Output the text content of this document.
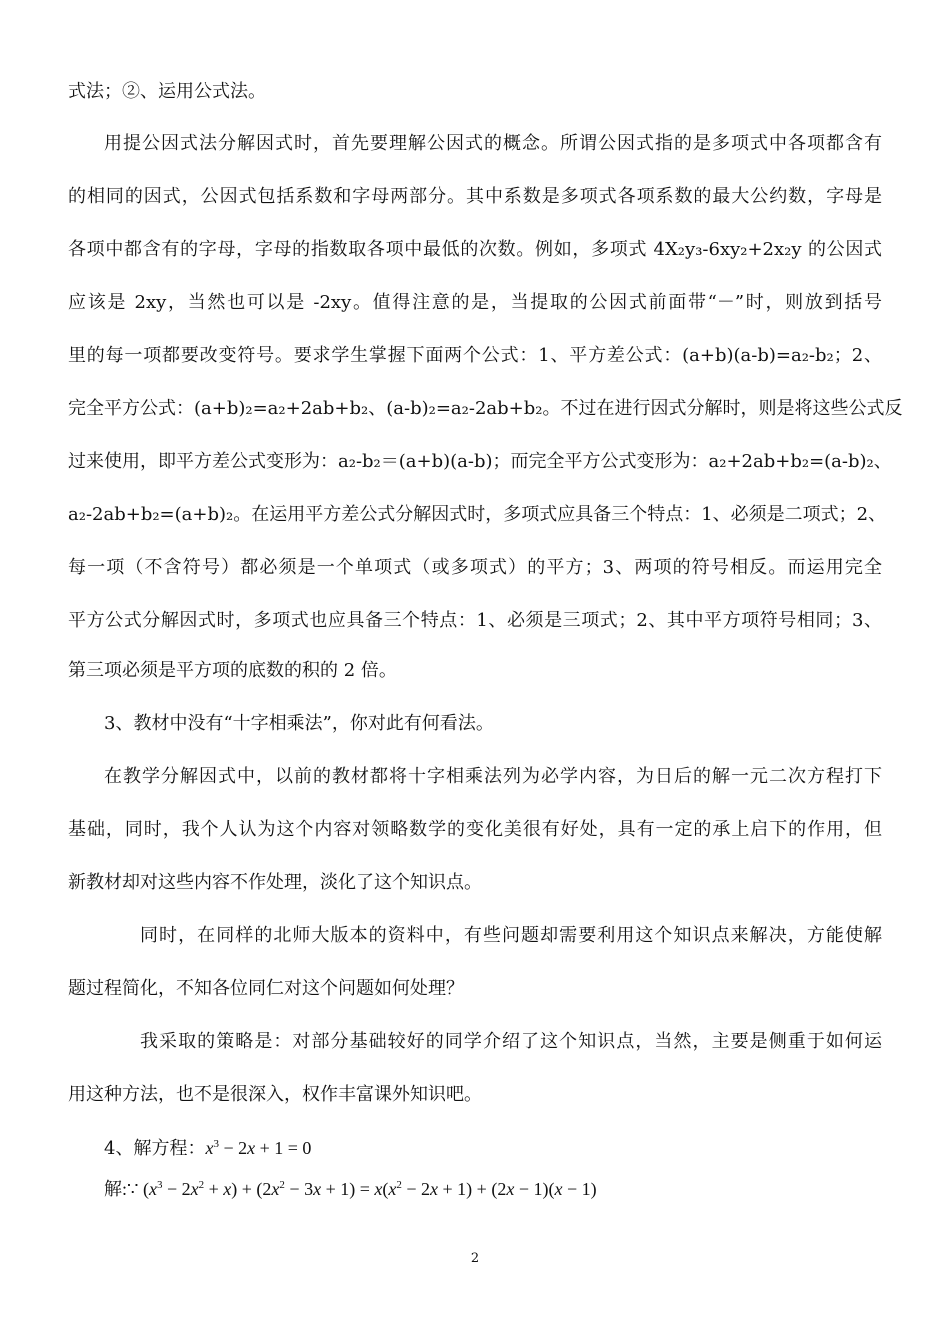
式法；②、运用公式法。
用提公因式法分解因式时，首先要理解公因式的概念。所谓公因式指的是多项式中各项都含有
的相同的因式，公因式包括系数和字母两部分。其中系数是多项式各项系数的最大公约数，字母是
各项中都含有的字母，字母的指数取各项中最低的次数。例如，多项式 4X₂y₃-6xy₂+2x₂y 的公因式
应该是 2xy，当然也可以是 -2xy。值得注意的是，当提取的公因式前面带“－”时，则放到括号
里的每一项都要改变符号。要求学生掌握下面两个公式：1、平方差公式：(a+b)(a-b)=a₂-b₂；2、
完全平方公式：(a+b)₂=a₂+2ab+b₂、(a-b)₂=a₂-2ab+b₂。不过在进行因式分解时，则是将这些公式反
过来使用，即平方差公式变形为：a₂-b₂＝(a+b)(a-b)；而完全平方公式变形为：a₂+2ab+b₂=(a-b)₂、
a₂-2ab+b₂=(a+b)₂。在运用平方差公式分解因式时，多项式应具备三个特点：1、必须是二项式；2、
每一项（不含符号）都必须是一个单项式（或多项式）的平方；3、两项的符号相反。而运用完全
平方公式分解因式时，多项式也应具备三个特点：1、必须是三项式；2、其中平方项符号相同；3、
第三项必须是平方项的底数的积的 2 倍。
3、教材中没有“十字相乘法”，你对此有何看法。
在教学分解因式中，以前的教材都将十字相乘法列为必学内容，为日后的解一元二次方程打下
基础，同时，我个人认为这个内容对领略数学的变化美很有好处，具有一定的承上启下的作用，但
新教材却对这些内容不作处理，淡化了这个知识点。
同时，在同样的北师大版本的资料中，有些问题却需要利用这个知识点来解决，方能使解
题过程简化，不知各位同仁对这个问题如何处理？
我采取的策略是：对部分基础较好的同学介绍了这个知识点，当然，主要是侧重于如何运
用这种方法，也不是很深入，权作丰富课外知识吧。
4、解方程：$x^3 - 2x + 1 = 0$
解:∵ $(x^3 - 2x^2 + x) + (2x^2 - 3x + 1) = x(x^2 - 2x + 1) + (2x - 1)(x - 1)$
2
